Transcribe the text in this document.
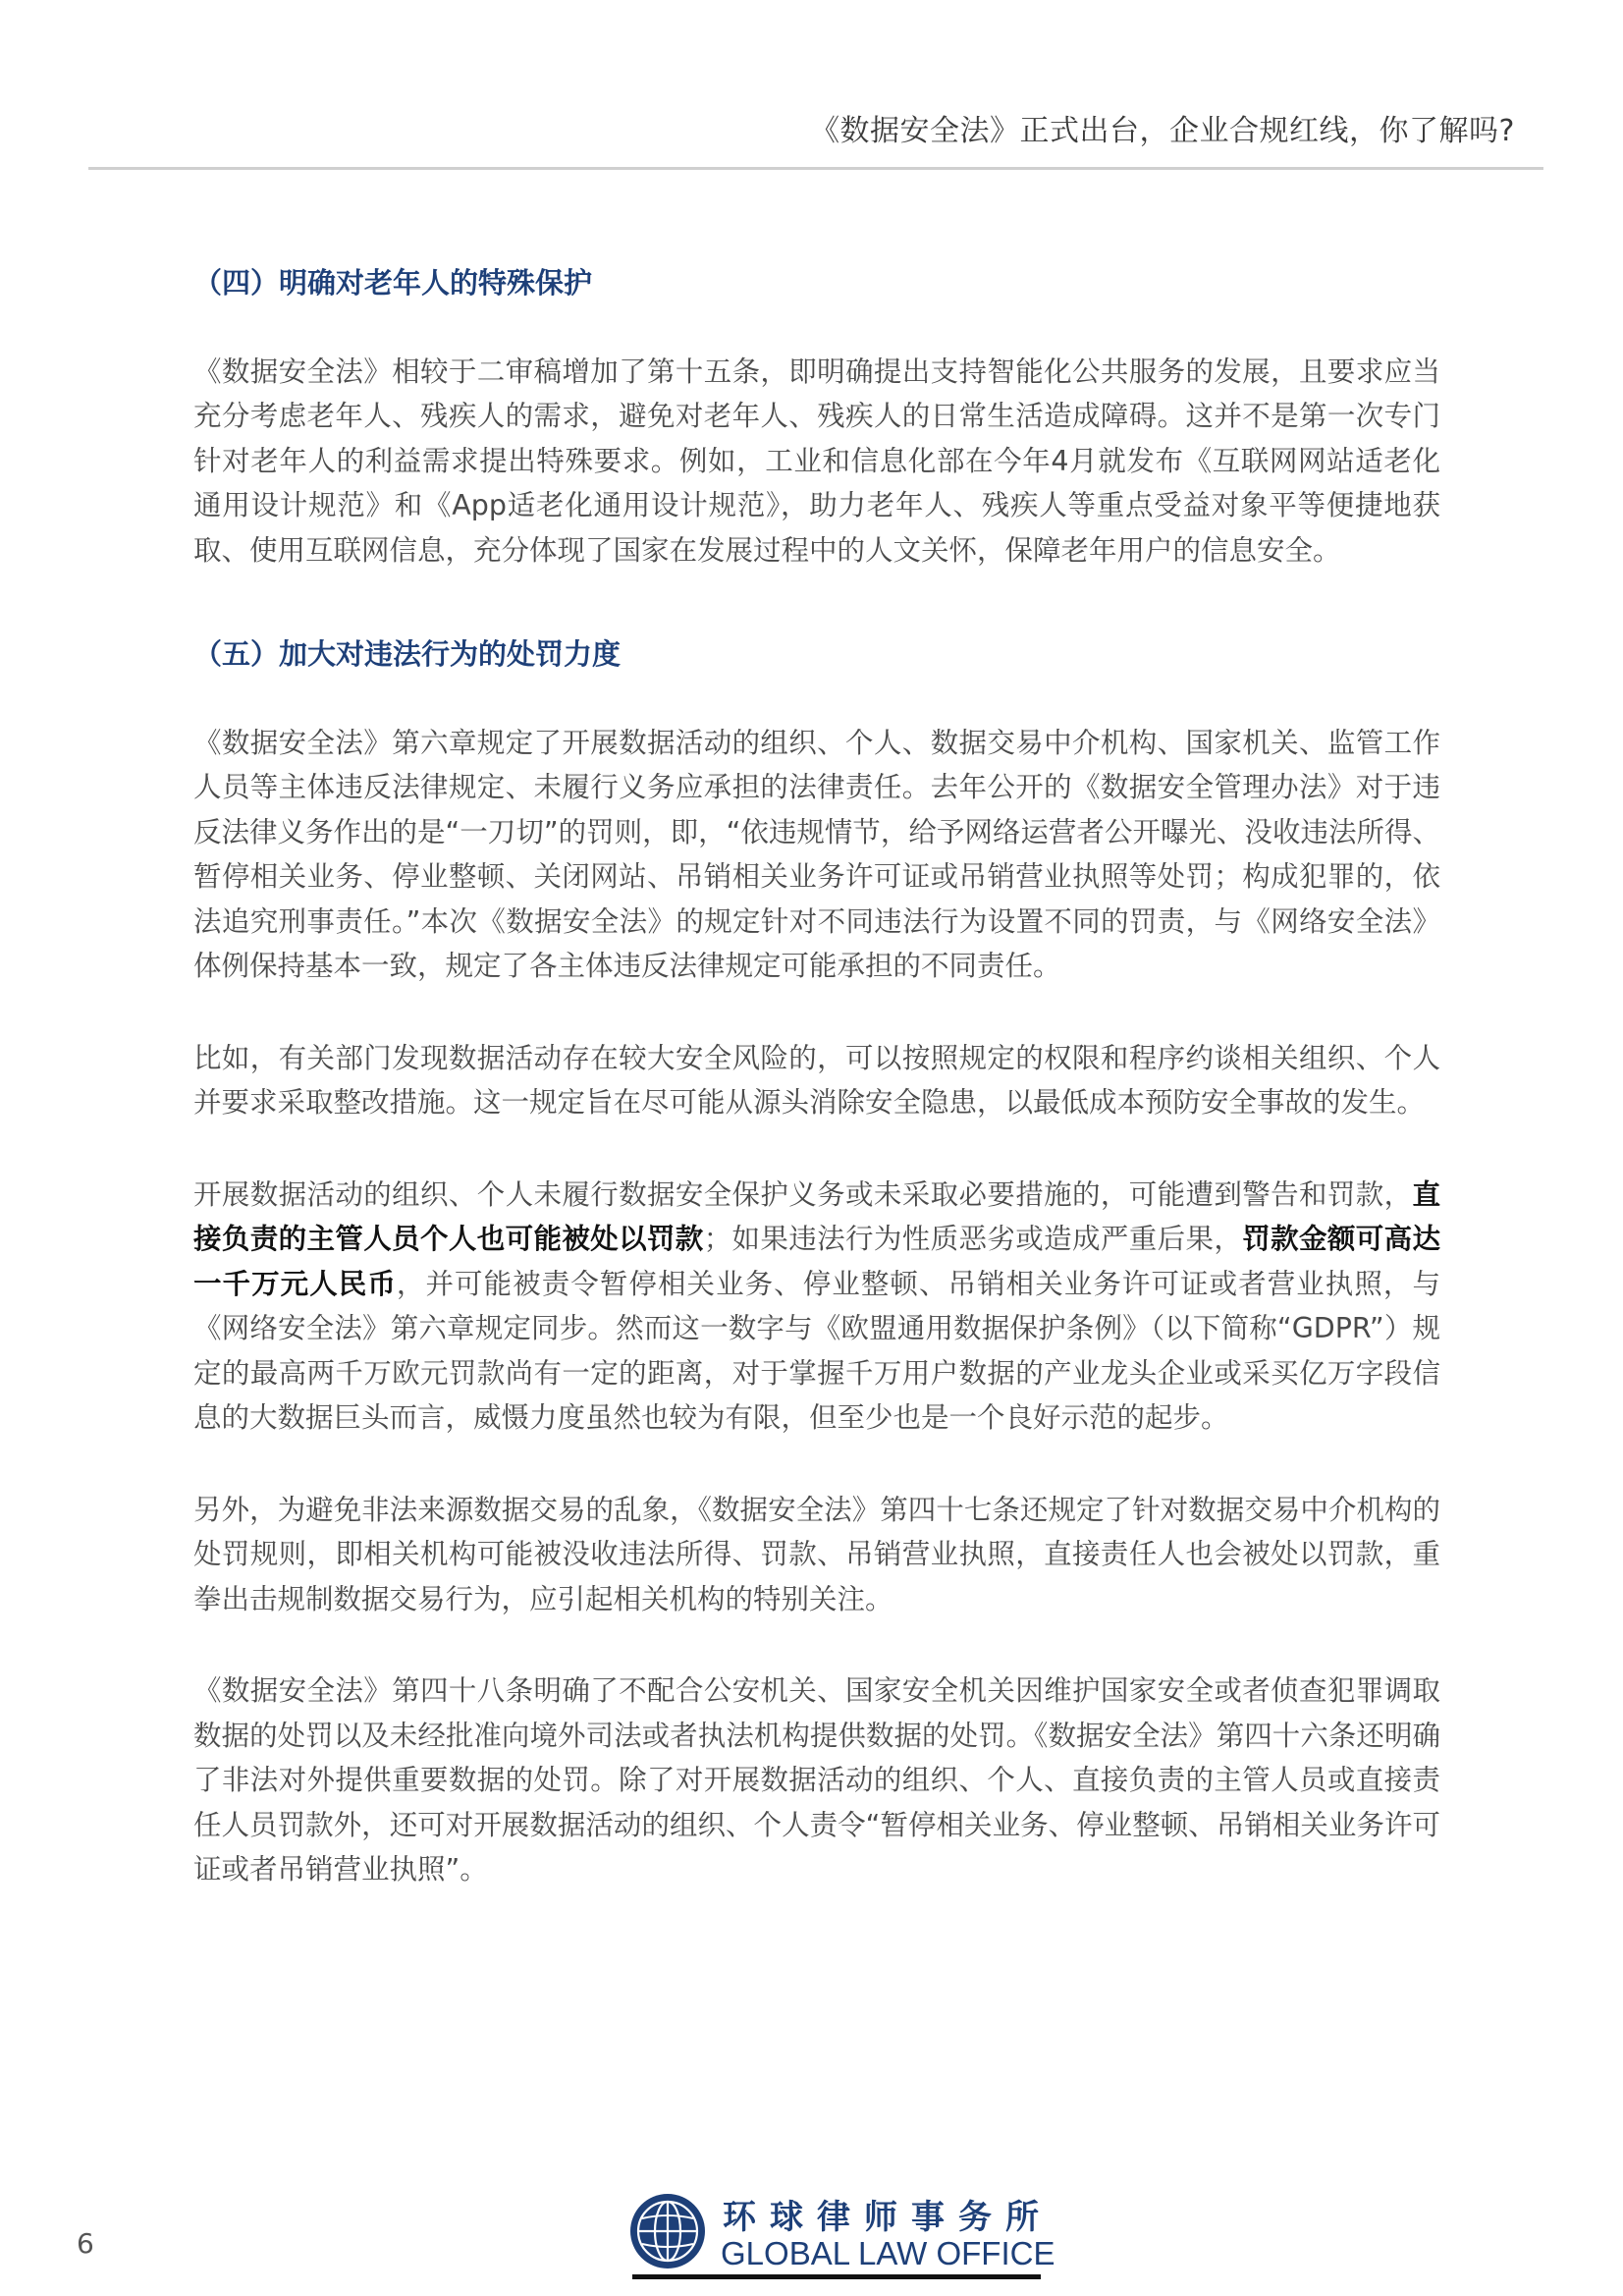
《数据安全法》正式出台，企业合规红线，你了解吗?
（四）明确对老年人的特殊保护

《数据安全法》相较于二审稿增加了第十五条，即明确提出支持智能化公共服务的发展，且要求应当充分考虑老年人、残疾人的需求，避免对老年人、残疾人的日常生活造成障碍。这并不是第一次专门针对老年人的利益需求提出特殊要求。例如，工业和信息化部在今年4月就发布《互联网网站适老化通用设计规范》和《App适老化通用设计规范》，助力老年人、残疾人等重点受益对象平等便捷地获取、使用互联网信息，充分体现了国家在发展过程中的人文关怀，保障老年用户的信息安全。

（五）加大对违法行为的处罚力度

《数据安全法》第六章规定了开展数据活动的组织、个人、数据交易中介机构、国家机关、监管工作人员等主体违反法律规定、未履行义务应承担的法律责任。去年公开的《数据安全管理办法》对于违反法律义务作出的是“一刀切”的罚则，即，“依违规情节，给予网络运营者公开曝光、没收违法所得、暂停相关业务、停业整顿、关闭网站、吊销相关业务许可证或吊销营业执照等处罚；构成犯罪的，依法追究刑事责任。”本次《数据安全法》的规定针对不同违法行为设置不同的罚责，与《网络安全法》体例保持基本一致，规定了各主体违反法律规定可能承担的不同责任。

比如，有关部门发现数据活动存在较大安全风险的，可以按照规定的权限和程序约谈相关组织、个人并要求采取整改措施。这一规定旨在尽可能从源头消除安全隐患，以最低成本预防安全事故的发生。

开展数据活动的组织、个人未履行数据安全保护义务或未采取必要措施的，可能遭到警告和罚款，直接负责的主管人员个人也可能被处以罚款；如果违法行为性质恶劣或造成严重后果，罚款金额可高达一千万元人民币，并可能被责令暂停相关业务、停业整顿、吊销相关业务许可证或者营业执照，与《网络安全法》第六章规定同步。然而这一数字与《欧盟通用数据保护条例》（以下简称“GDPR”）规定的最高两千万欧元罚款尚有一定的距离，对于掌握千万用户数据的产业龙头企业或采买亿万字段信息的大数据巨头而言，威慑力度虽然也较为有限，但至少也是一个良好示范的起步。

另外，为避免非法来源数据交易的乱象，《数据安全法》第四十七条还规定了针对数据交易中介机构的处罚规则，即相关机构可能被没收违法所得、罚款、吊销营业执照，直接责任人也会被处以罚款，重拳出击规制数据交易行为，应引起相关机构的特别关注。

《数据安全法》第四十八条明确了不配合公安机关、国家安全机关因维护国家安全或者侦查犯罪调取数据的处罚以及未经批准向境外司法或者执法机构提供数据的处罚。《数据安全法》第四十六条还明确了非法对外提供重要数据的处罚。除了对开展数据活动的组织、个人、直接负责的主管人员或直接责任人员罚款外，还可对开展数据活动的组织、个人责令“暂停相关业务、停业整顿、吊销相关业务许可证或者吊销营业执照”。

6
环球律师事务所
GLOBAL LAW OFFICE
